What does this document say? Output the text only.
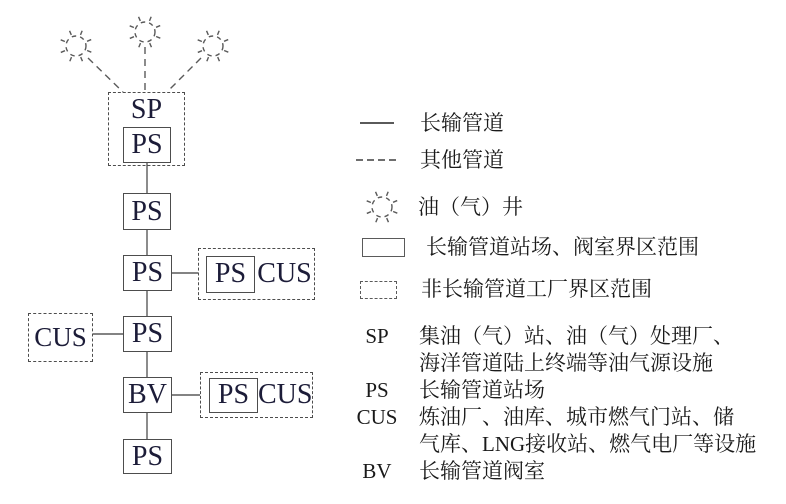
SP
PS
PS
PS
PS
BV
PS
PS CUS
CUS
PS CUS
长输管道
其他管道
油（气）井
长输管道站场、阀室界区范围
非长输管道工厂界区范围
SP	集油（气）站、油（气）处理厂、
海洋管道陆上终端等油气源设施
PS	长输管道站场
CUS 炼油厂、油库、城市燃气门站、储
气库、LNG接收站、燃气电厂等设施
BV	长输管道阀室
